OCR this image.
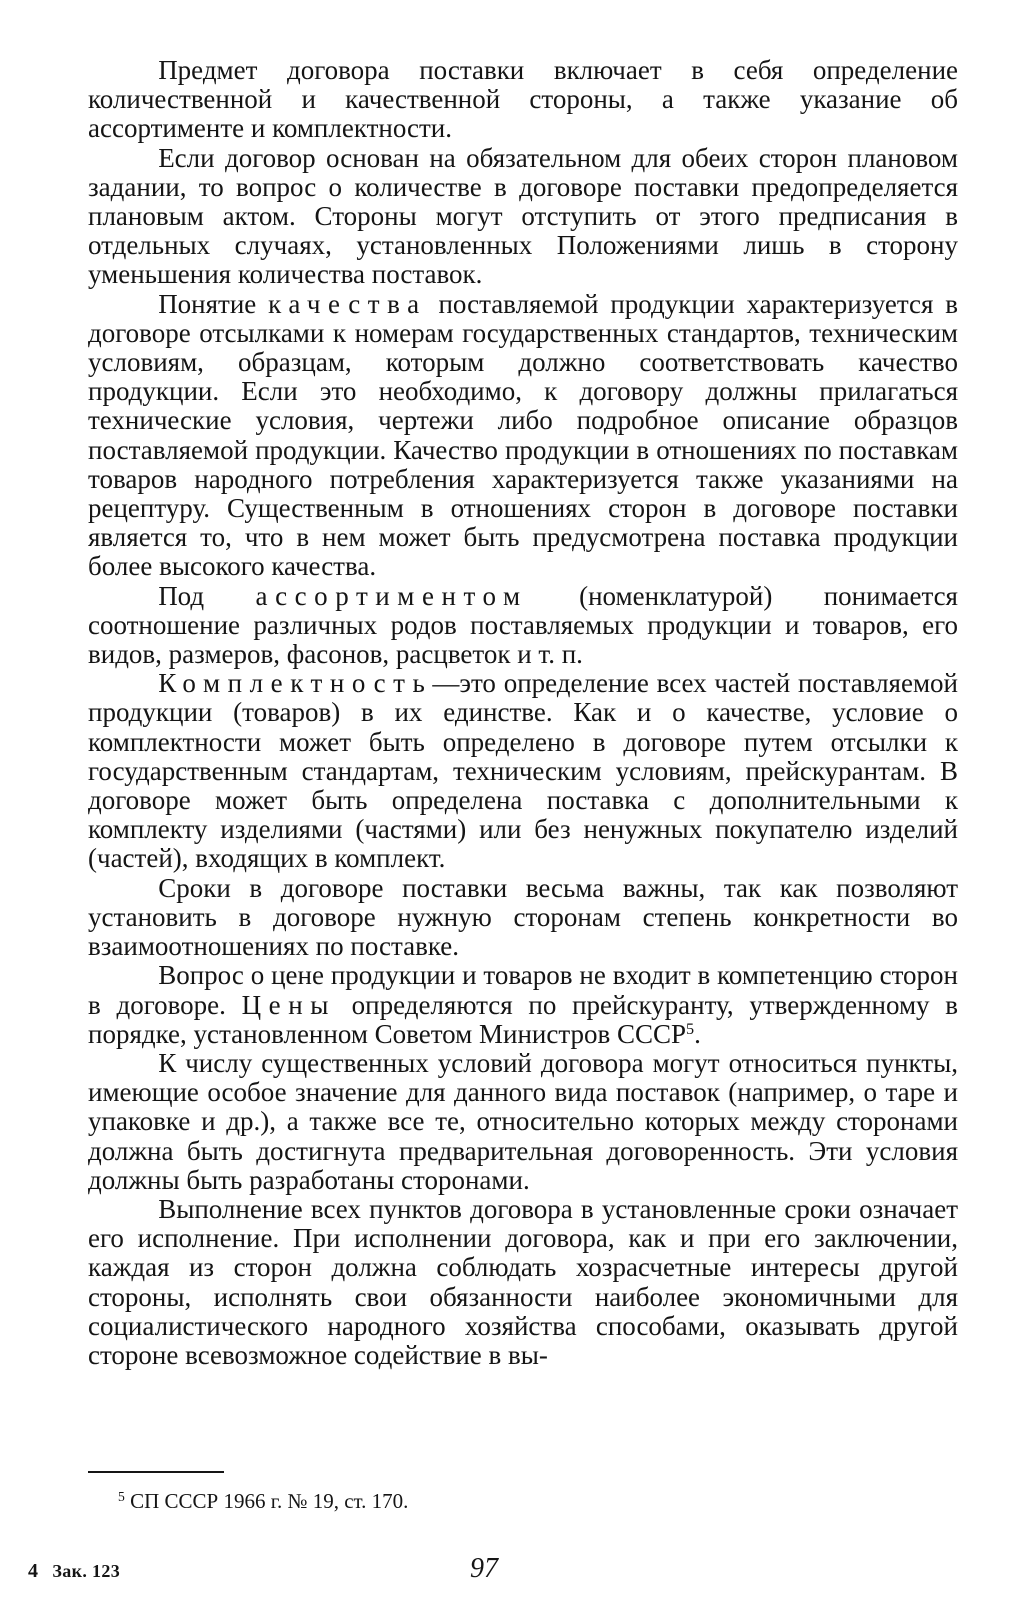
Предмет договора поставки включает в себя определение количественной и качественной стороны, а также указание об ассортименте и комплектности.

Если договор основан на обязательном для обеих сторон плановом задании, то вопрос о количестве в договоре поставки предопределяется плановым актом. Стороны могут отступить от этого предписания в отдельных случаях, установленных Положениями лишь в сторону уменьшения количества поставок.

Понятие качества поставляемой продукции характеризуется в договоре отсылками к номерам государственных стандартов, техническим условиям, образцам, которым должно соответствовать качество продукции. Если это необходимо, к договору должны прилагаться технические условия, чертежи либо подробное описание образцов поставляемой продукции. Качество продукции в отношениях по поставкам товаров народного потребления характеризуется также указаниями на рецептуру. Существенным в отношениях сторон в договоре поставки является то, что в нем может быть предусмотрена поставка продукции более высокого качества.

Под ассортиментом (номенклатурой) понимается соотношение различных родов поставляемых продукции и товаров, его видов, размеров, фасонов, расцветок и т. п.

Комплектность—это определение всех частей поставляемой продукции (товаров) в их единстве. Как и о качестве, условие о комплектности может быть определено в договоре путем отсылки к государственным стандартам, техническим условиям, прейскурантам. В договоре может быть определена поставка с дополнительными к комплекту изделиями (частями) или без ненужных покупателю изделий (частей), входящих в комплект.

Сроки в договоре поставки весьма важны, так как позволяют установить в договоре нужную сторонам степень конкретности во взаимоотношениях по поставке.

Вопрос о цене продукции и товаров не входит в компетенцию сторон в договоре. Цены определяются по прейскуранту, утвержденному в порядке, установленном Советом Министров СССР$^5$.

К числу существенных условий договора могут относиться пункты, имеющие особое значение для данного вида поставок (например, о таре и упаковке и др.), а также все те, относительно которых между сторонами должна быть достигнута предварительная договоренность. Эти условия должны быть разработаны сторонами.

Выполнение всех пунктов договора в установленные сроки означает его исполнение. При исполнении договора, как и при его заключении, каждая из сторон должна соблюдать хозрасчетные интересы другой стороны, исполнять свои обязанности наиболее экономичными для социалистического народного хозяйства способами, оказывать другой стороне всевозможное содействие в вы-

$^5$ СП СССР 1966 г. № 19, ст. 170.

4 Зак. 123	97
